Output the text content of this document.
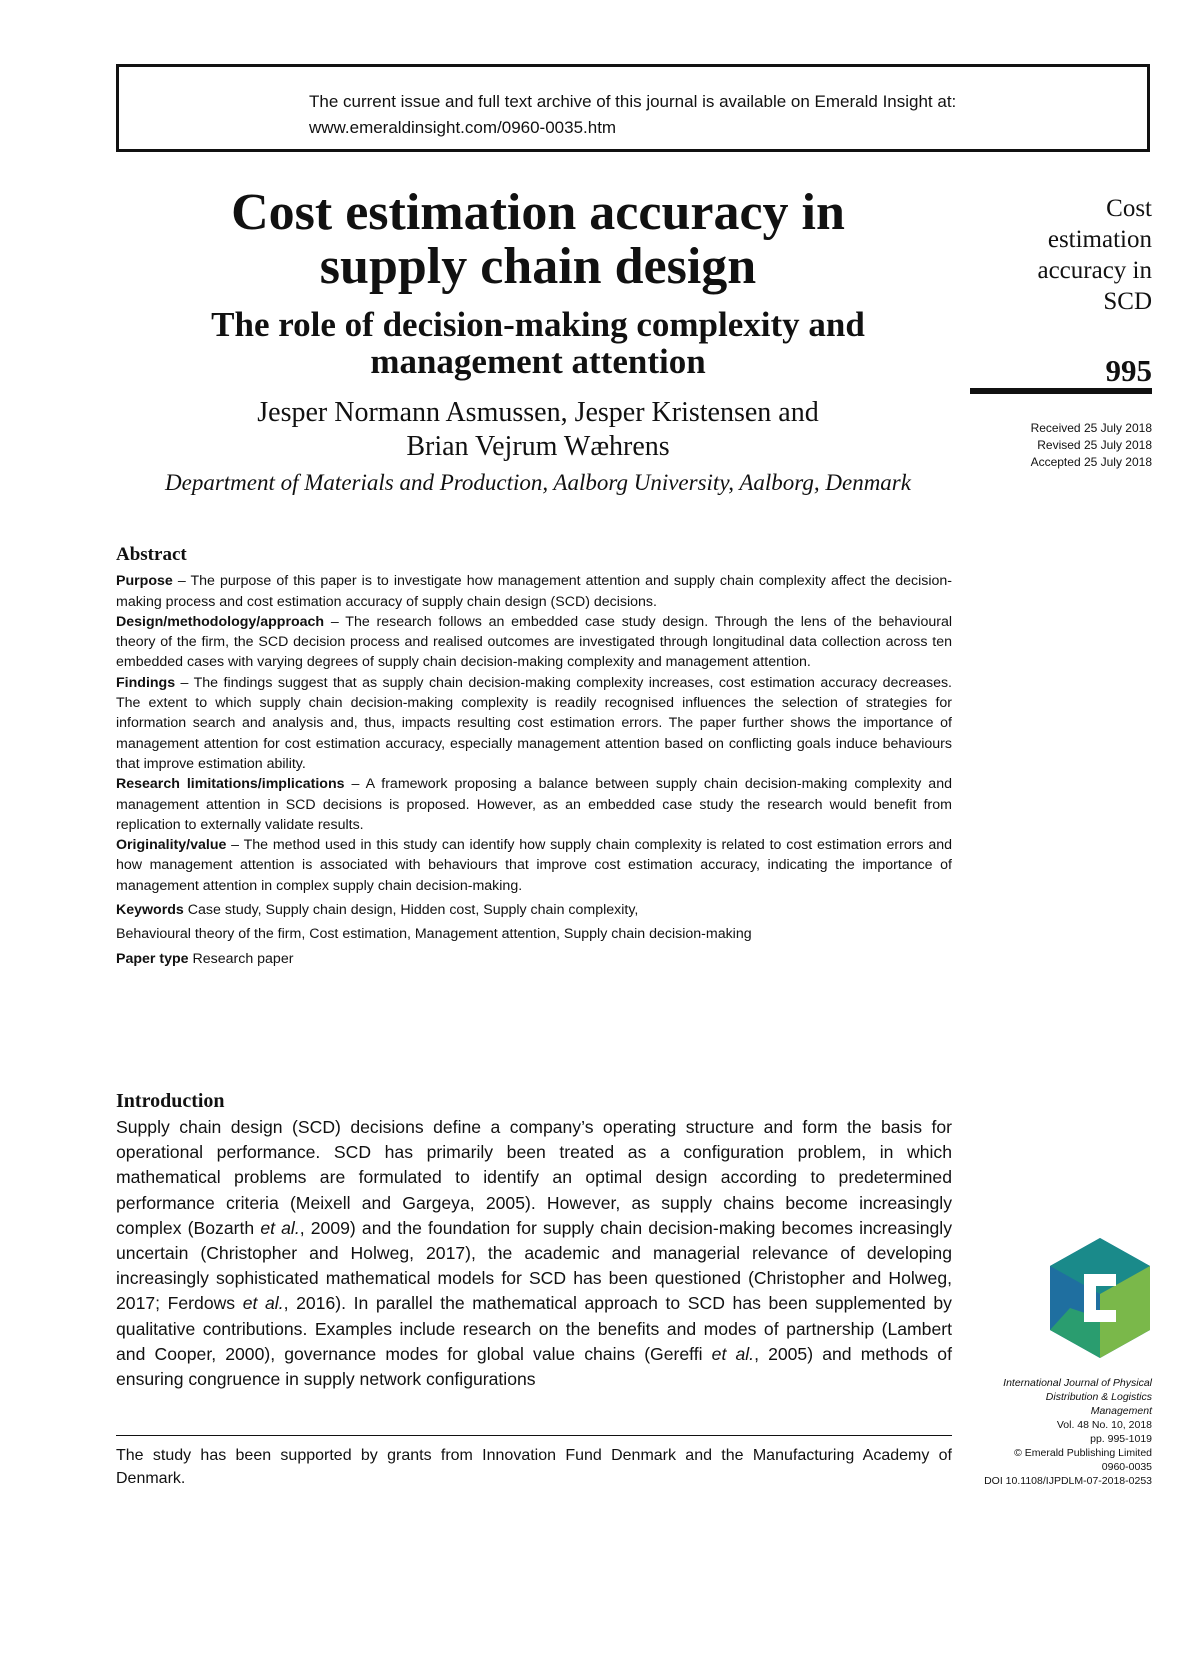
The current issue and full text archive of this journal is available on Emerald Insight at:
www.emeraldinsight.com/0960-0035.htm
Cost estimation accuracy in
supply chain design
The role of decision-making complexity and
management attention
Jesper Normann Asmussen, Jesper Kristensen and
Brian Vejrum Wæhrens
Department of Materials and Production, Aalborg University, Aalborg, Denmark
Cost
estimation
accuracy in
SCD
995
Received 25 July 2018
Revised 25 July 2018
Accepted 25 July 2018
Abstract

Purpose – The purpose of this paper is to investigate how management attention and supply chain complexity affect the decision-making process and cost estimation accuracy of supply chain design (SCD) decisions.

Design/methodology/approach – The research follows an embedded case study design. Through the lens of the behavioural theory of the firm, the SCD decision process and realised outcomes are investigated through longitudinal data collection across ten embedded cases with varying degrees of supply chain decision-making complexity and management attention.

Findings – The findings suggest that as supply chain decision-making complexity increases, cost estimation accuracy decreases. The extent to which supply chain decision-making complexity is readily recognised influences the selection of strategies for information search and analysis and, thus, impacts resulting cost estimation errors. The paper further shows the importance of management attention for cost estimation accuracy, especially management attention based on conflicting goals induce behaviours that improve estimation ability.

Research limitations/implications – A framework proposing a balance between supply chain decision-making complexity and management attention in SCD decisions is proposed. However, as an embedded case study the research would benefit from replication to externally validate results.

Originality/value – The method used in this study can identify how supply chain complexity is related to cost estimation errors and how management attention is associated with behaviours that improve cost estimation accuracy, indicating the importance of management attention in complex supply chain decision-making.

Keywords Case study, Supply chain design, Hidden cost, Supply chain complexity,

Behavioural theory of the firm, Cost estimation, Management attention, Supply chain decision-making

Paper type Research paper

Introduction

Supply chain design (SCD) decisions define a company’s operating structure and form the basis for operational performance. SCD has primarily been treated as a configuration problem, in which mathematical problems are formulated to identify an optimal design according to predetermined performance criteria (Meixell and Gargeya, 2005). However, as supply chains become increasingly complex (Bozarth et al., 2009) and the foundation for supply chain decision-making becomes increasingly uncertain (Christopher and Holweg, 2017), the academic and managerial relevance of developing increasingly sophisticated mathematical models for SCD has been questioned (Christopher and Holweg, 2017; Ferdows et al., 2016). In parallel the mathematical approach to SCD has been supplemented by qualitative contributions. Examples include research on the benefits and modes of partnership (Lambert and Cooper, 2000), governance modes for global value chains (Gereffi et al., 2005) and methods of ensuring congruence in supply network configurations

The study has been supported by grants from Innovation Fund Denmark and the Manufacturing Academy of Denmark.
International Journal of Physical
Distribution & Logistics
Management
Vol. 48 No. 10, 2018
pp. 995-1019
© Emerald Publishing Limited
0960-0035
DOI 10.1108/IJPDLM-07-2018-0253
